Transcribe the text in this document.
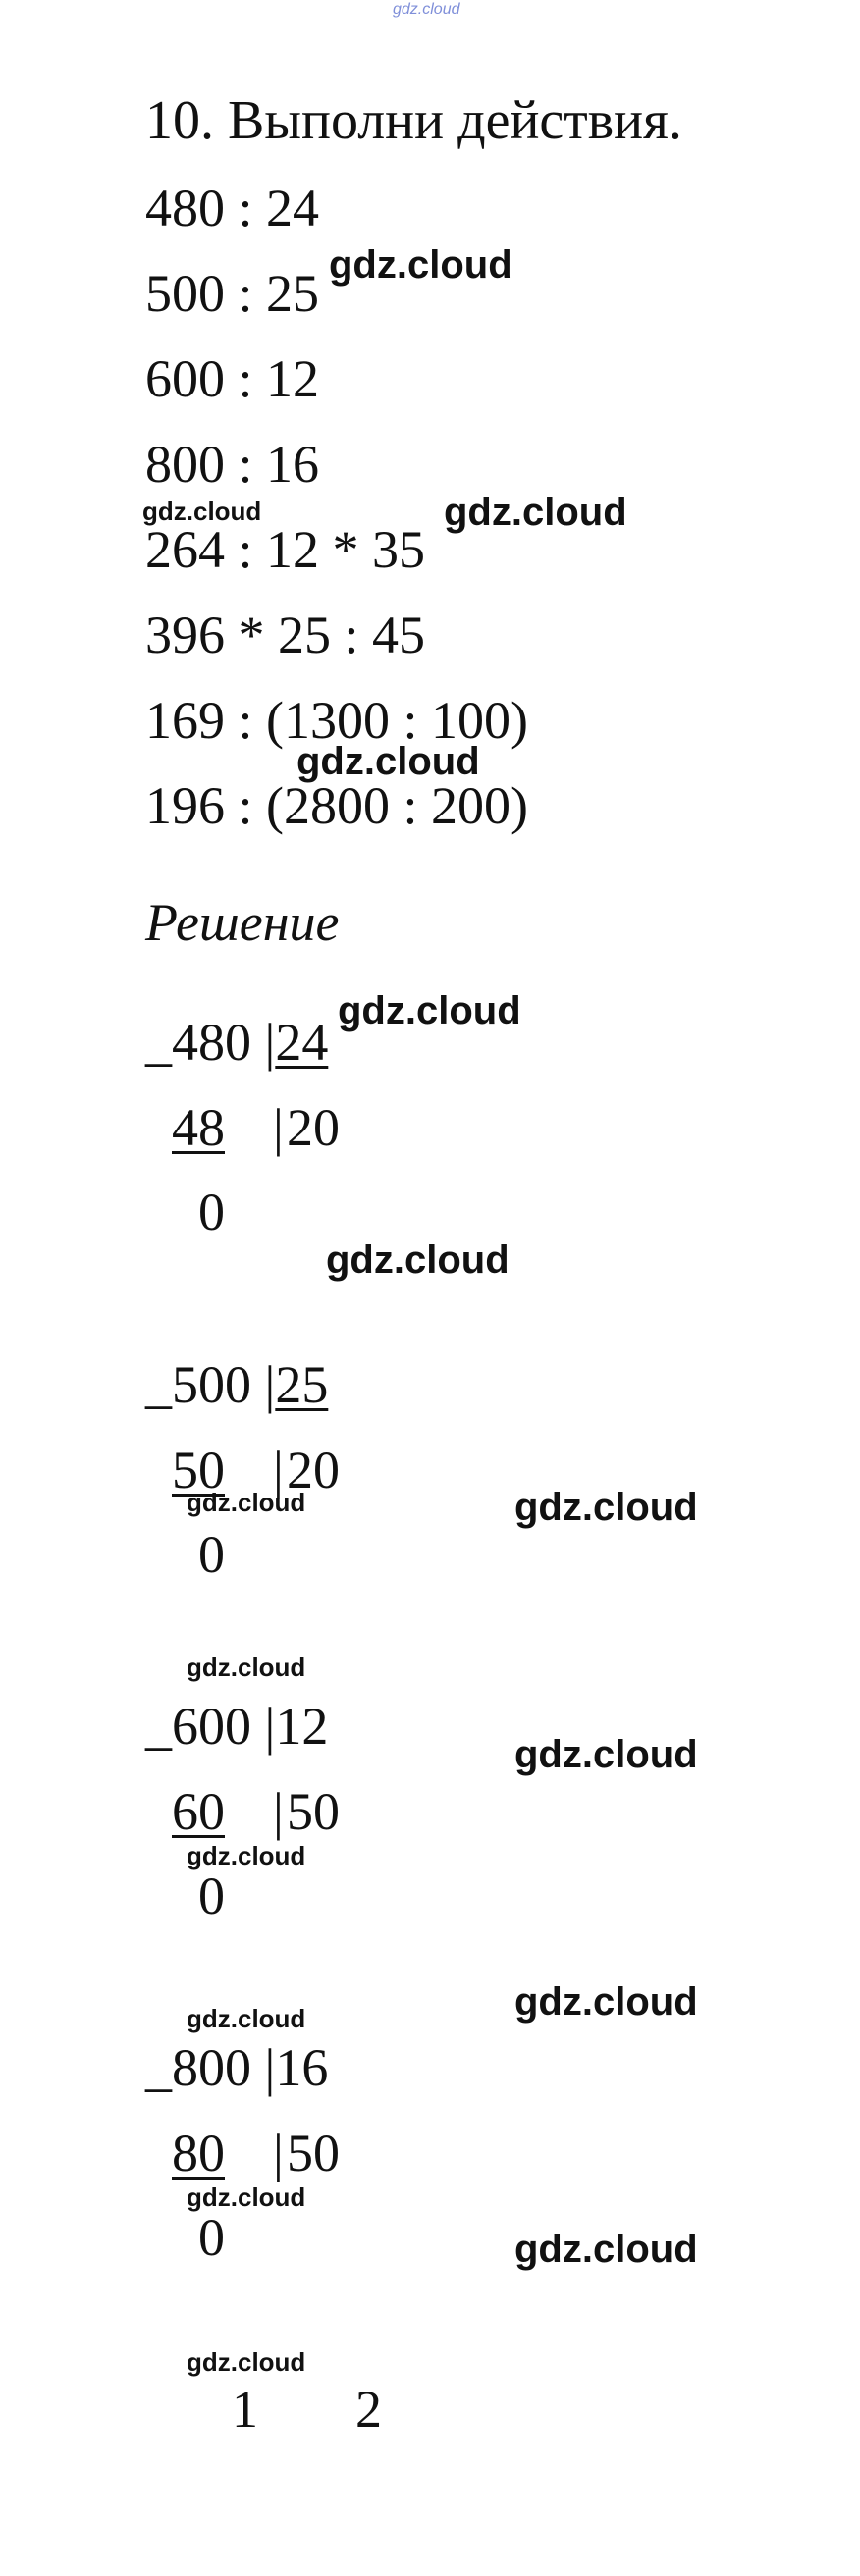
gdz.cloud
10. Выполни действия.
480 : 24
500 : 25
600 : 12
800 : 16
264 : 12 * 35
396 * 25 : 45
169 : (1300 : 100)
196 : (2800 : 200)
Решение
_480 |24
48 | 20
0
_500 |25
50 | 20
0
_600 |12
60 | 50
0
_800 |16
80 | 50
0
1 2
gdz.cloud
gdz.cloud	gdz.cloud
gdz.cloud
gdz.cloud
gdz.cloud
gdz.cloud	gdz.cloud
gdz.cloud
gdz.cloud
gdz.cloud
gdz.cloud	gdz.cloud
gdz.cloud
gdz.cloud
gdz.cloud
